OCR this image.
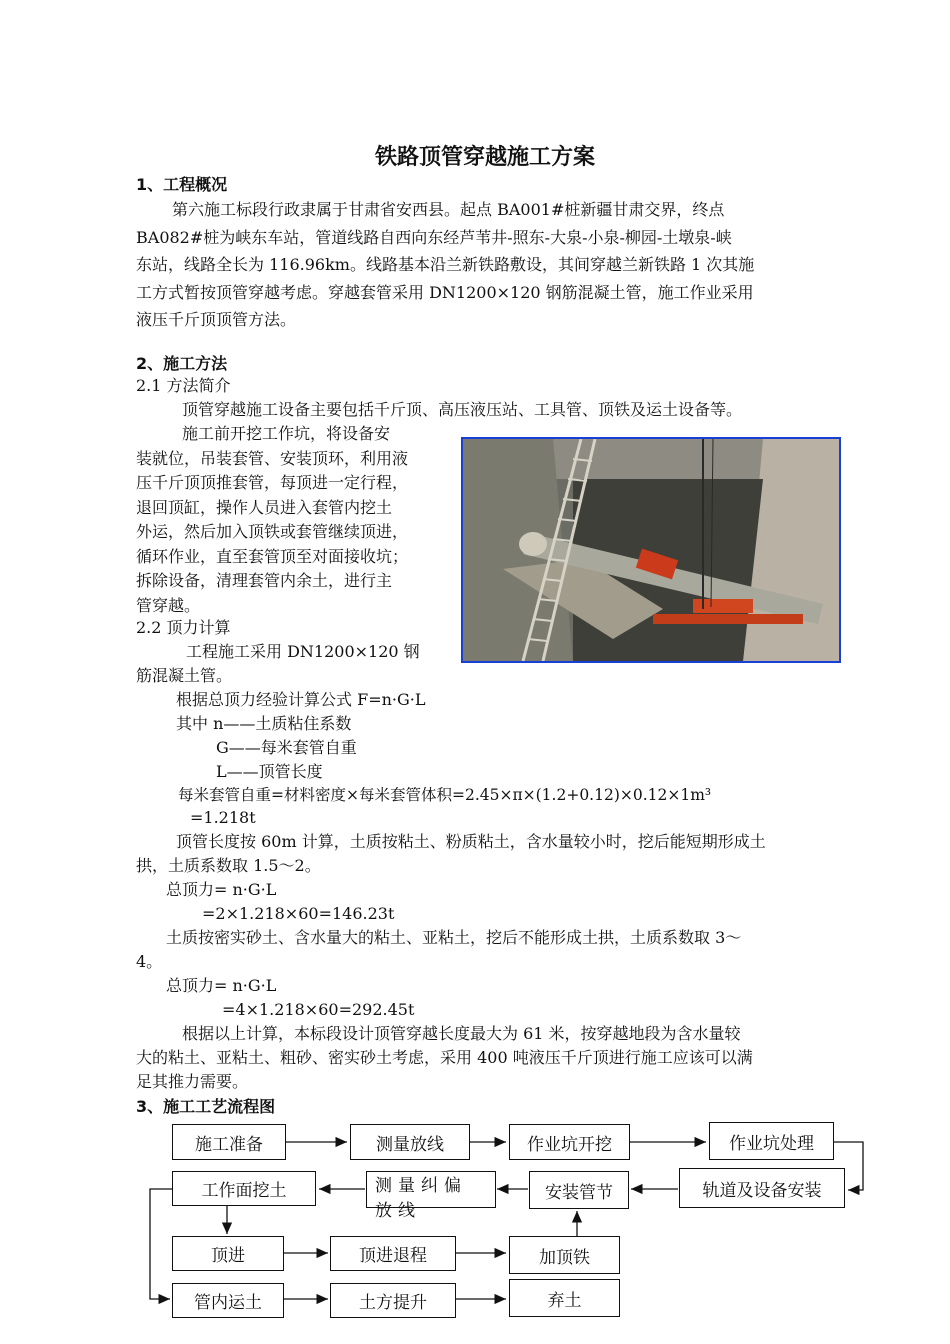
铁路顶管穿越施工方案
1、工程概况
第六施工标段行政隶属于甘肃省安西县。起点 BA001#桩新疆甘肃交界，终点
BA082#桩为峡东车站，管道线路自西向东经芦苇井-照东-大泉-小泉-柳园-土墩泉-峡
东站，线路全长为 116.96km。线路基本沿兰新铁路敷设，其间穿越兰新铁路 1 次其施
工方式暂按顶管穿越考虑。穿越套管采用 DN1200×120 钢筋混凝土管，施工作业采用
液压千斤顶顶管方法。
2、施工方法
2.1 方法简介
顶管穿越施工设备主要包括千斤顶、高压液压站、工具管、顶铁及运土设备等。
施工前开挖工作坑，将设备安
装就位，吊装套管、安装顶环，利用液
压千斤顶顶推套管，每顶进一定行程，
退回顶缸，操作人员进入套管内挖土
外运，然后加入顶铁或套管继续顶进，
循环作业，直至套管顶至对面接收坑；
拆除设备，清理套管内余土，进行主
管穿越。
2.2 顶力计算
工程施工采用 DN1200×120 钢
筋混凝土管。
根据总顶力经验计算公式 F=n·G·L
其中 n——土质粘住系数
G——每米套管自重
L——顶管长度
每米套管自重=材料密度×每米套管体积=2.45×π×(1.2+0.12)×0.12×1m³
=1.218t
顶管长度按 60m 计算，土质按粘土、粉质粘土，含水量较小时，挖后能短期形成土
拱，土质系数取 1.5～2。
总顶力= n·G·L
=2×1.218×60=146.23t
土质按密实砂土、含水量大的粘土、亚粘土，挖后不能形成土拱，土质系数取 3～
4。
总顶力= n·G·L
=4×1.218×60=292.45t
根据以上计算，本标段设计顶管穿越长度最大为 61 米，按穿越地段为含水量较
大的粘土、亚粘土、粗砂、密实砂土考虑，采用 400 吨液压千斤顶进行施工应该可以满
足其推力需要。
3、施工工艺流程图
施工准备	测量放线	作业坑开挖	作业坑处理
工作面挖土	测量纠偏放线
安装管节	轨道及设备安装
顶进	顶进退程	加顶铁
管内运土	土方提升	弃土
